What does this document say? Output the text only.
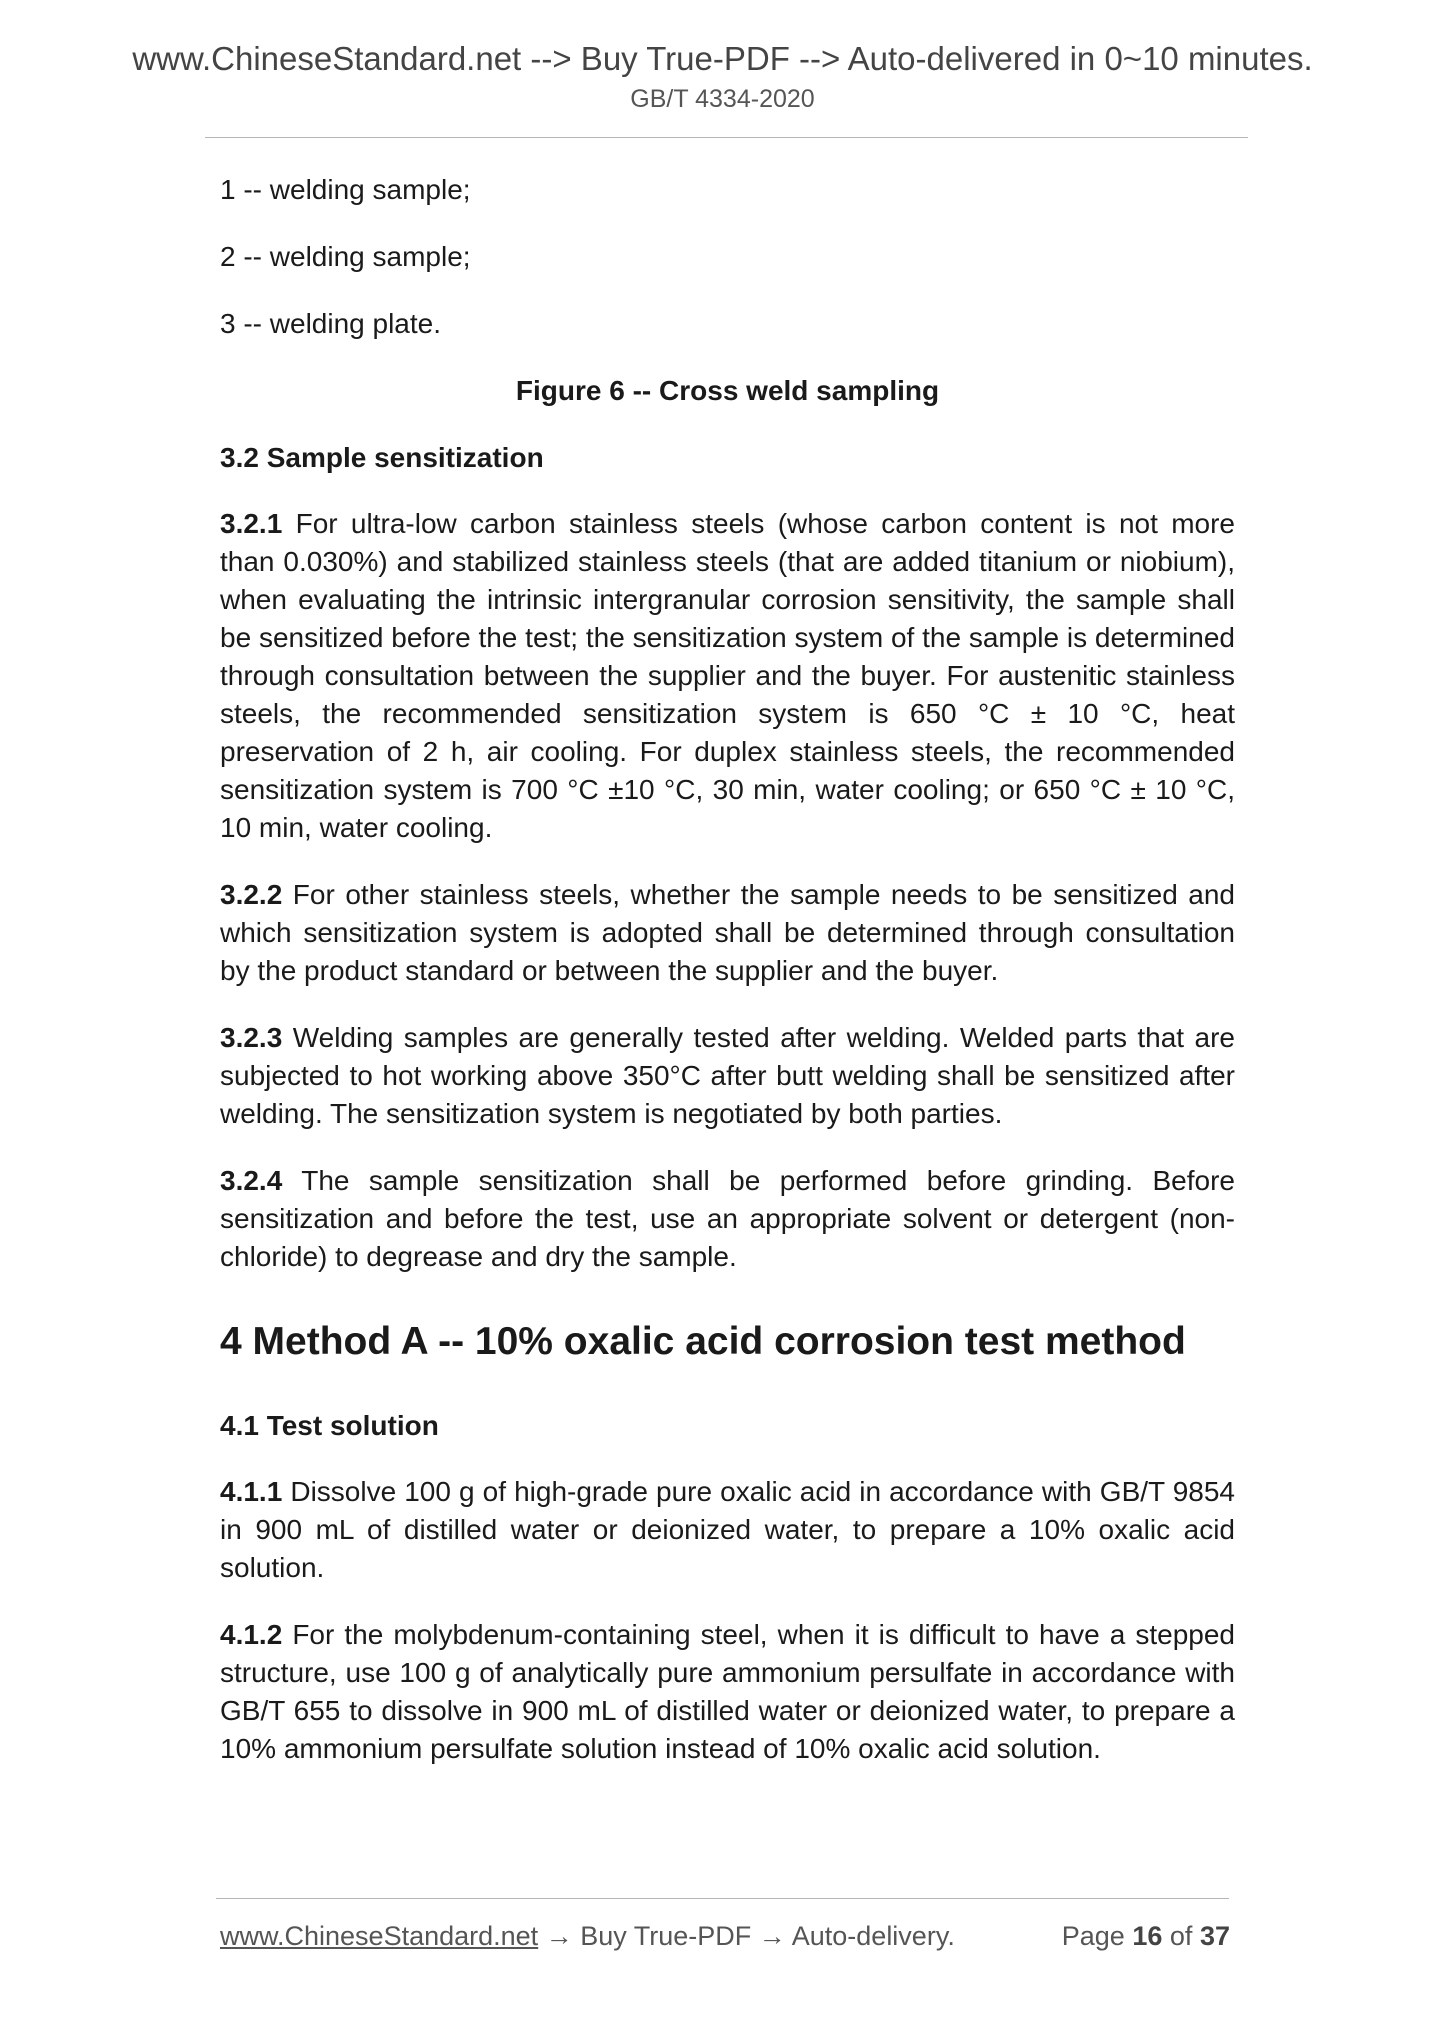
www.ChineseStandard.net --> Buy True-PDF --> Auto-delivered in 0~10 minutes.
GB/T 4334-2020

1 -- welding sample;

2 -- welding sample;

3 -- welding plate.

Figure 6 -- Cross weld sampling

3.2 Sample sensitization

3.2.1 For ultra-low carbon stainless steels (whose carbon content is not more than 0.030%) and stabilized stainless steels (that are added titanium or niobium), when evaluating the intrinsic intergranular corrosion sensitivity, the sample shall be sensitized before the test; the sensitization system of the sample is determined through consultation between the supplier and the buyer. For austenitic stainless steels, the recommended sensitization system is 650 °C ± 10 °C, heat preservation of 2 h, air cooling. For duplex stainless steels, the recommended sensitization system is 700 °C ±10 °C, 30 min, water cooling; or 650 °C ± 10 °C, 10 min, water cooling.

3.2.2 For other stainless steels, whether the sample needs to be sensitized and which sensitization system is adopted shall be determined through consultation by the product standard or between the supplier and the buyer.

3.2.3 Welding samples are generally tested after welding. Welded parts that are subjected to hot working above 350°C after butt welding shall be sensitized after welding. The sensitization system is negotiated by both parties.

3.2.4 The sample sensitization shall be performed before grinding. Before sensitization and before the test, use an appropriate solvent or detergent (non-chloride) to degrease and dry the sample.

4 Method A -- 10% oxalic acid corrosion test method

4.1 Test solution

4.1.1 Dissolve 100 g of high-grade pure oxalic acid in accordance with GB/T 9854 in 900 mL of distilled water or deionized water, to prepare a 10% oxalic acid solution.

4.1.2 For the molybdenum-containing steel, when it is difficult to have a stepped structure, use 100 g of analytically pure ammonium persulfate in accordance with GB/T 655 to dissolve in 900 mL of distilled water or deionized water, to prepare a 10% ammonium persulfate solution instead of 10% oxalic acid solution.

www.ChineseStandard.net → Buy True-PDF → Auto-delivery.	Page 16 of 37
